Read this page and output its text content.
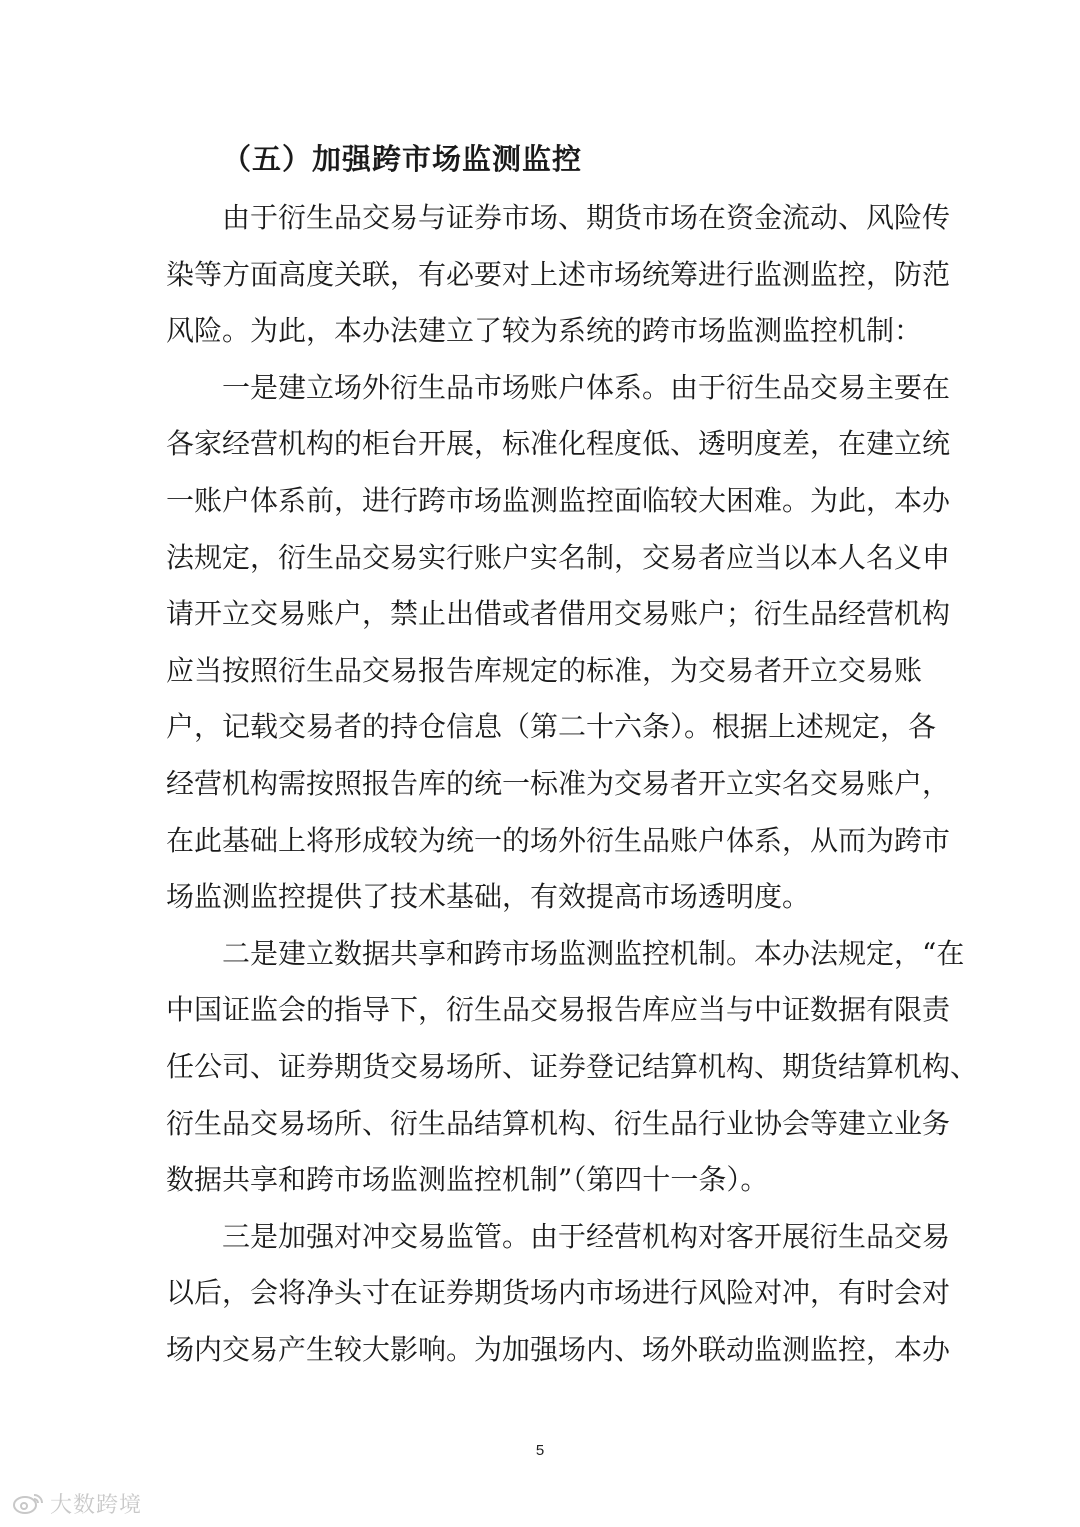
（五）加强跨市场监测监控
由于衍生品交易与证券市场、期货市场在资金流动、风险传
染等方面高度关联，有必要对上述市场统筹进行监测监控，防范
风险。为此，本办法建立了较为系统的跨市场监测监控机制：
一是建立场外衍生品市场账户体系。由于衍生品交易主要在
各家经营机构的柜台开展，标准化程度低、透明度差，在建立统
一账户体系前，进行跨市场监测监控面临较大困难。为此，本办
法规定，衍生品交易实行账户实名制，交易者应当以本人名义申
请开立交易账户，禁止出借或者借用交易账户；衍生品经营机构
应当按照衍生品交易报告库规定的标准，为交易者开立交易账
户，记载交易者的持仓信息（第二十六条）。根据上述规定，各
经营机构需按照报告库的统一标准为交易者开立实名交易账户，
在此基础上将形成较为统一的场外衍生品账户体系，从而为跨市
场监测监控提供了技术基础，有效提高市场透明度。
二是建立数据共享和跨市场监测监控机制。本办法规定，“在
中国证监会的指导下，衍生品交易报告库应当与中证数据有限责
任公司、证券期货交易场所、证券登记结算机构、期货结算机构、
衍生品交易场所、衍生品结算机构、衍生品行业协会等建立业务
数据共享和跨市场监测监控机制”（第四十一条）。
三是加强对冲交易监管。由于经营机构对客开展衍生品交易
以后，会将净头寸在证券期货场内市场进行风险对冲，有时会对
场内交易产生较大影响。为加强场内、场外联动监测监控，本办
5
大数跨境
